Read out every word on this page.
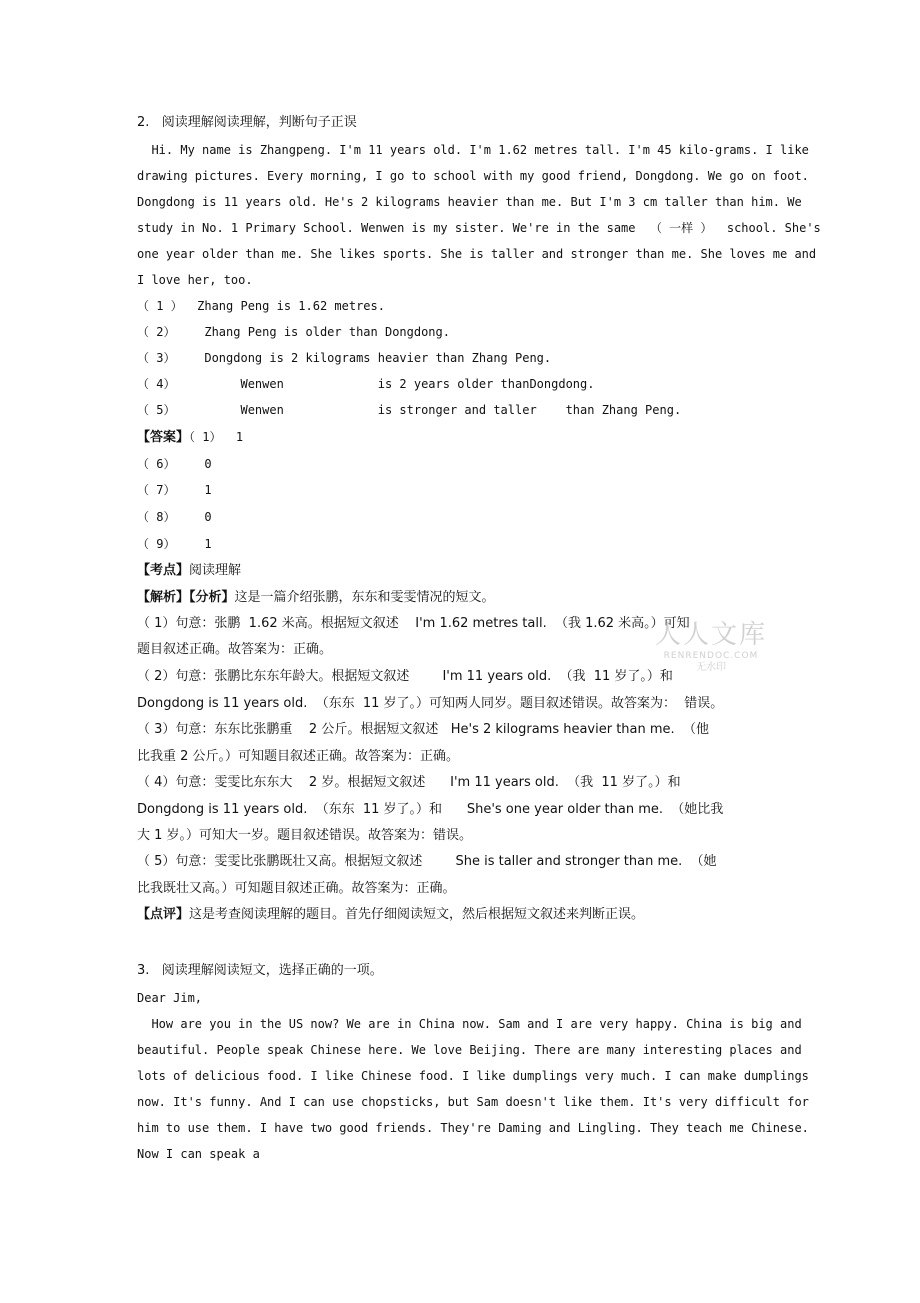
2.   阅读理解阅读理解，判断句子正误
Hi. My name is Zhangpeng. I'm 11 years old. I'm 1.62 metres tall. I'm 45 kilo-grams. I like
drawing pictures. Every morning, I go to school with my good friend, Dongdong. We go on foot.
Dongdong is 11 years old. He's 2 kilograms heavier than me. But I'm 3 cm taller than him. We
study in No. 1 Primary School. Wenwen is my sister. We're in the same  （ 一样 ）  school. She's
one year older than me. She likes sports. She is taller and stronger than me. She loves me and
I love her, too.
（ 1 ）  Zhang Peng is 1.62 metres.
（ 2）    Zhang Peng is older than Dongdong.
（ 3）    Dongdong is 2 kilograms heavier than Zhang Peng.
（ 4）         Wenwen             is 2 years older thanDongdong.
（ 5）         Wenwen             is stronger and taller    than Zhang Peng.
【答案】（ 1）  1
（ 6）    0
（ 7）    1
（ 8）    0
（ 9）    1
【考点】阅读理解
【解析】【分析】这是一篇介绍张鹏，东东和雯雯情况的短文。
（ 1）句意：张鹏  1.62 米高。根据短文叙述    I'm 1.62 metres tall.  （我 1.62 米高。）可知
题目叙述正确。故答案为：正确。
（ 2）句意：张鹏比东东年龄大。根据短文叙述        I'm 11 years old.  （我  11 岁了。）和
Dongdong is 11 years old.  （东东  11 岁了。）可知两人同岁。题目叙述错误。故答案为：  错误。
（ 3）句意：东东比张鹏重    2 公斤。根据短文叙述   He's 2 kilograms heavier than me.  （他
比我重 2 公斤。）可知题目叙述正确。故答案为：正确。
（ 4）句意：雯雯比东东大    2 岁。根据短文叙述      I'm 11 years old.  （我  11 岁了。）和
Dongdong is 11 years old.  （东东  11 岁了。）和      She's one year older than me.  （她比我
大 1 岁。）可知大一岁。题目叙述错误。故答案为：错误。
（ 5）句意：雯雯比张鹏既壮又高。根据短文叙述        She is taller and stronger than me.  （她
比我既壮又高。）可知题目叙述正确。故答案为：正确。
【点评】这是考查阅读理解的题目。首先仔细阅读短文，然后根据短文叙述来判断正误。
3.   阅读理解阅读短文，选择正确的一项。
Dear Jim,
How are you in the US now? We are in China now. Sam and I are very happy. China is big and
beautiful. People speak Chinese here. We love Beijing. There are many interesting places and
lots of delicious food. I like Chinese food. I like dumplings very much. I can make dumplings
now. It's funny. And I can use chopsticks, but Sam doesn't like them. It's very difficult for
him to use them. I have two good friends. They're Daming and Lingling. They teach me Chinese.
Now I can speak a
人人文库
RENRENDOC.COM
无水印
